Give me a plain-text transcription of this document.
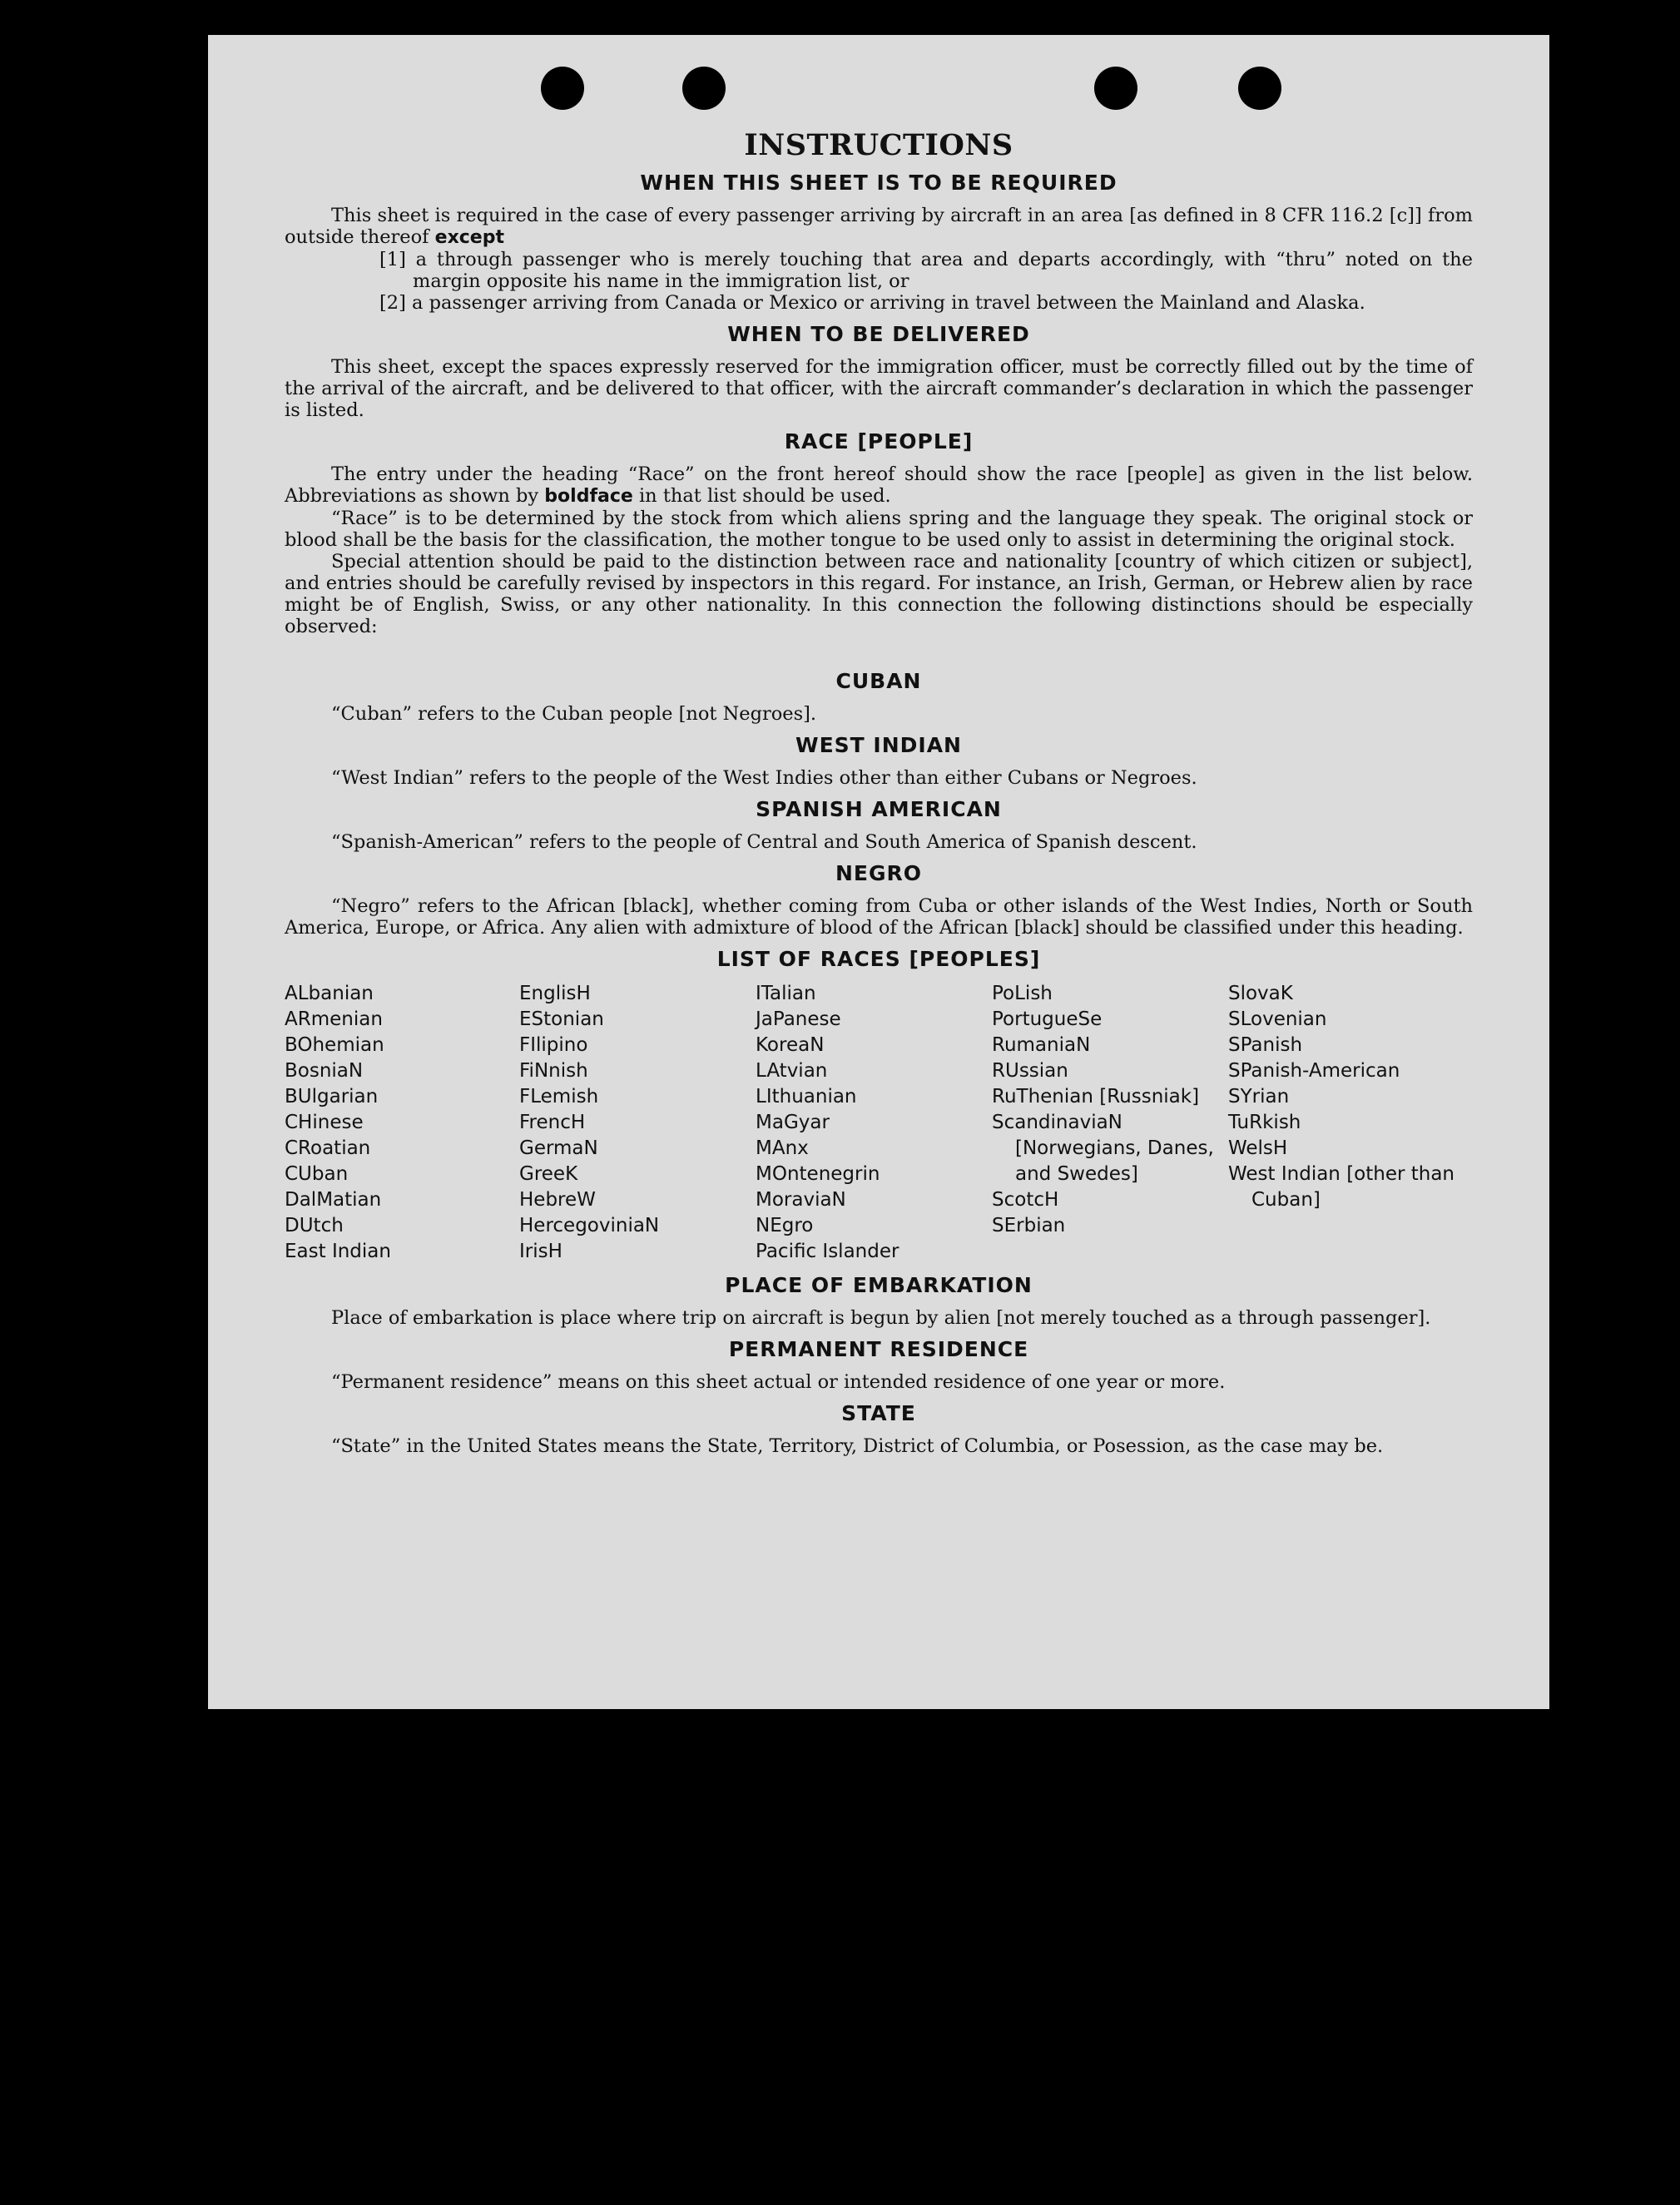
INSTRUCTIONS
WHEN THIS SHEET IS TO BE REQUIRED

This sheet is required in the case of every passenger arriving by aircraft in an area [as defined in 8 CFR 116.2 [c]] from outside thereof except

[1] a through passenger who is merely touching that area and departs accordingly, with “thru” noted on the margin opposite his name in the immigration list, or
[2] a passenger arriving from Canada or Mexico or arriving in travel between the Mainland and Alaska.
WHEN TO BE DELIVERED

This sheet, except the spaces expressly reserved for the immigration officer, must be correctly filled out by the time of the arrival of the aircraft, and be delivered to that officer, with the aircraft commander’s declaration in which the passenger is listed.

RACE [PEOPLE]

The entry under the heading “Race” on the front hereof should show the race [people] as given in the list below. Abbreviations as shown by boldface in that list should be used.

“Race” is to be determined by the stock from which aliens spring and the language they speak. The original stock or blood shall be the basis for the classification, the mother tongue to be used only to assist in determining the original stock.

Special attention should be paid to the distinction between race and nationality [country of which citizen or subject], and entries should be carefully revised by inspectors in this regard. For instance, an Irish, German, or Hebrew alien by race might be of English, Swiss, or any other nationality. In this connection the following distinctions should be especially observed:

CUBAN

“Cuban” refers to the Cuban people [not Negroes].

WEST INDIAN

“West Indian” refers to the people of the West Indies other than either Cubans or Negroes.

SPANISH AMERICAN

“Spanish-American” refers to the people of Central and South America of Spanish descent.

NEGRO

“Negro” refers to the African [black], whether coming from Cuba or other islands of the West Indies, North or South America, Europe, or Africa. Any alien with admixture of blood of the African [black] should be classified under this heading.

LIST OF RACES [PEOPLES]
ALbanian
ARmenian
BOhemian
BosniaN
BUlgarian
CHinese
CRoatian
CUban
DalMatian
DUtch
East Indian
EnglisH
EStonian
FIlipino
FiNnish
FLemish
FrencH
GermaN
GreeK
HebreW
HercegoviniaN
IrisH
ITalian
JaPanese
KoreaN
LAtvian
LIthuanian
MaGyar
MAnx
MOntenegrin
MoraviaN
NEgro
Pacific Islander
PoLish
PortugueSe
RumaniaN
RUssian
RuThenian [Russniak]
ScandinaviaN [Norwegians, Danes, and Swedes]
ScotcH
SErbian
SlovaK
SLovenian
SPanish
SPanish-American
SYrian
TuRkish
WelsH
West Indian [other than Cuban]
PLACE OF EMBARKATION

Place of embarkation is place where trip on aircraft is begun by alien [not merely touched as a through passenger].

PERMANENT RESIDENCE

“Permanent residence” means on this sheet actual or intended residence of one year or more.

STATE

“State” in the United States means the State, Territory, District of Columbia, or Posession, as the case may be.
